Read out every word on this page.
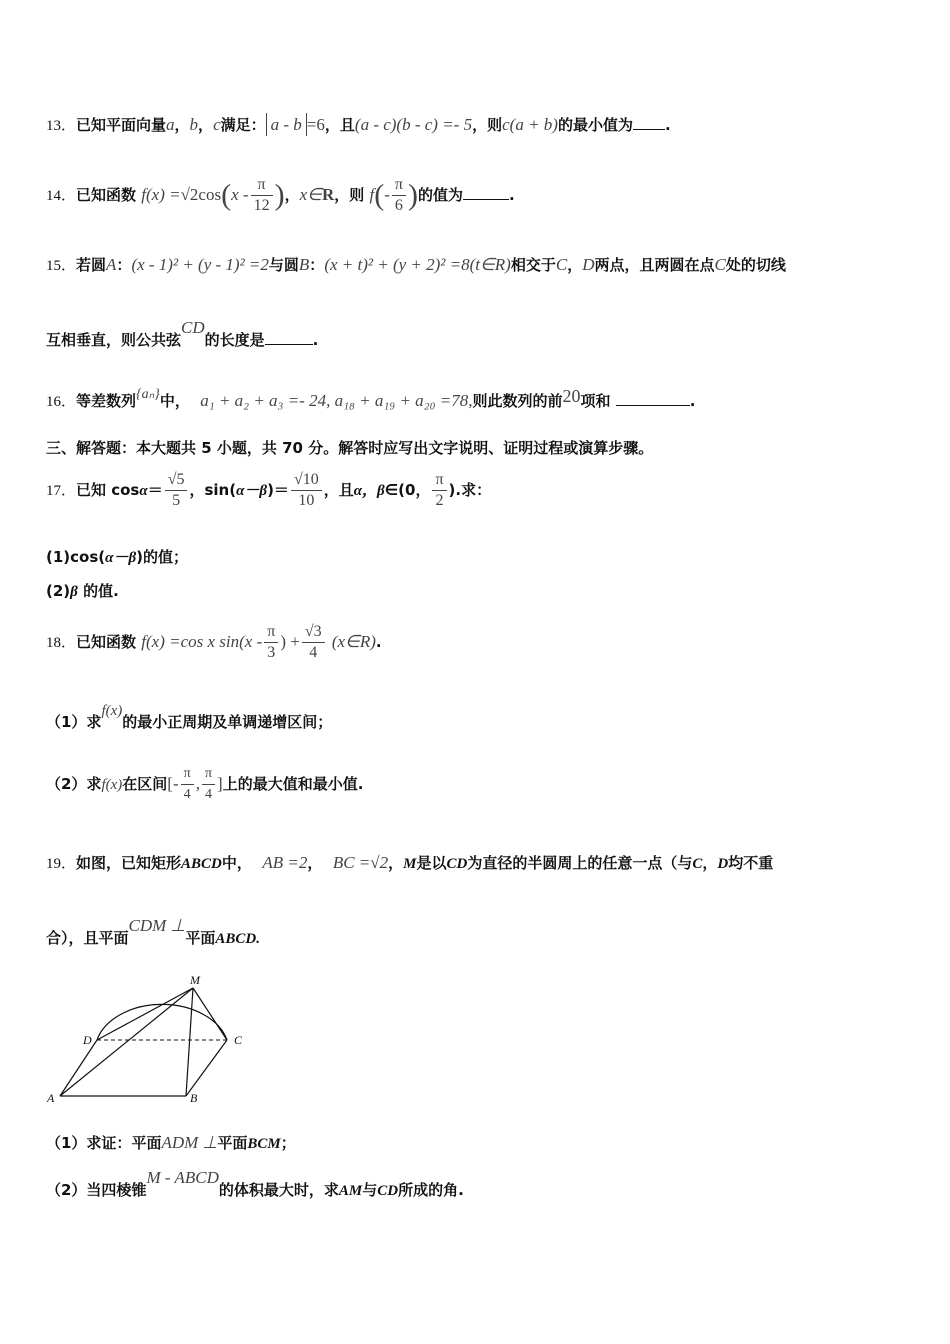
13．已知平面向量a，b，c满足： a - b =6，且(a - c)(b - c) =- 5，则c(a + b)的最小值为 .
14．已知函数 $f(x) =√2\cos(x - \frac{\pi}{12}$ )，x∈R，则 $f(- \frac{\pi}{6}$ )的值为	.
15．若圆A：(x - 1)² + (y - 1)² =2与圆B：(x + t)² + (y + 2)² =8(t∈R)相交于C，D两点，且两圆在点C处的切线
互相垂直，则公共弦CD的长度是	.
16．等差数列{aₙ}中， a₁ + a₂ + a₃ =- 24, a₁₈ + a₁₉ + a₂₀ =78,则此数列的前20项和	.
三、解答题：本大题共 5 小题，共 70 分。解答时应写出文字说明、证明过程或演算步骤。
17．已知 $\cos\alpha= \frac{√5}{5}$ ，$\sin(\alpha-\beta)= \frac{√10}{10}$ ，且α，β∈(0， $\frac{\pi}{2}$ ).求：
(1)cos(α－β)的值；
(2)β 的值.
18．已知函数 f(x) =cos x $\sin(x - \frac{\pi}{3}$ ) + $\frac{√3}{4}$ (x∈R).
（1）求f(x)的最小正周期及单调递增区间；
（2）求f(x)在区间[- $\frac{\pi}{4}$ , $\frac{\pi}{4}$ ]上的最大值和最小值.
19．如图，已知矩形ABCD中， AB =2， BC =√2，M是以CD为直径的半圆周上的任意一点（与C，D均不重
合），且平面CDM ⊥平面ABCD.
M
D	C
A	B
（1）求证：平面ADM ⊥平面BCM；
（2）当四棱锥M - ABCD的体积最大时，求AM与CD所成的角.
